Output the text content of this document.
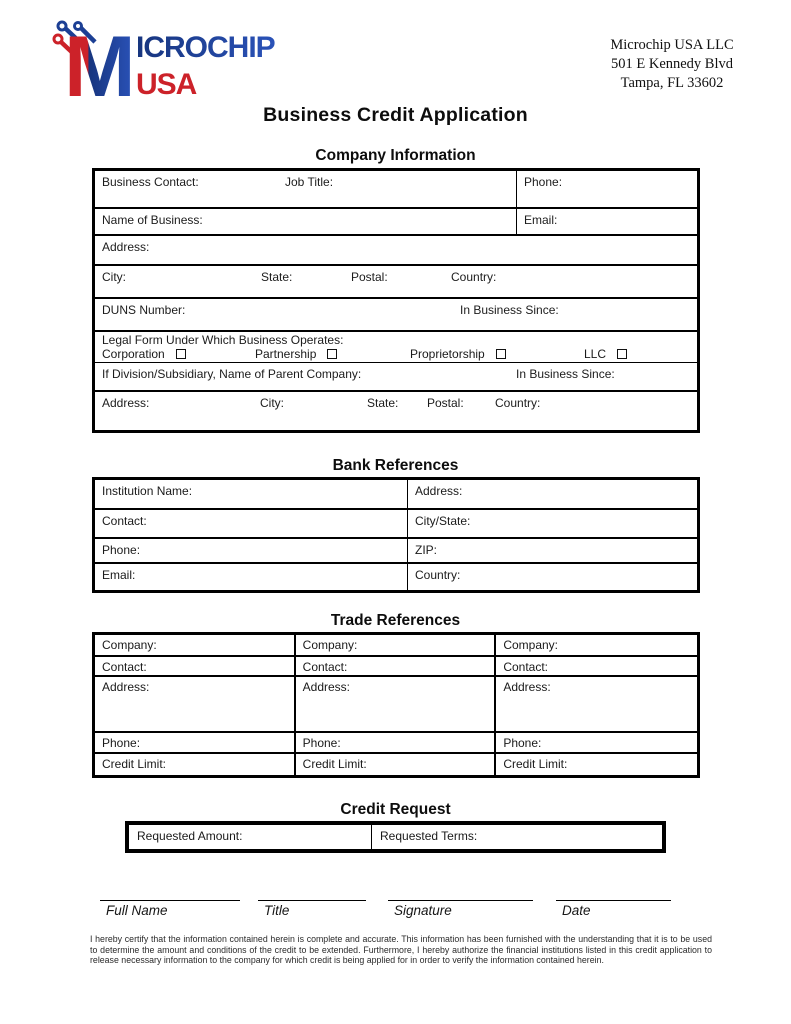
M ICROCHIP
USA
Microchip USA LLC
501 E Kennedy Blvd
Tampa, FL 33602
Business Credit Application
Company Information
Business Contact:	Job Title:	Phone:
Name of Business:	Email:
Address:
City:	State:	Postal:	Country:
DUNS Number:	In Business Since:
Legal Form Under Which Business Operates:
Corporation	Partnership	Proprietorship	LLC
If Division/Subsidiary, Name of Parent Company:	In Business Since:
Address:	City:	State: Postal:	Country:
Bank References
Institution Name:	Address:
Contact:	City/State:
Phone:	ZIP:
Email:	Country:
Trade References
Company:	Company:	Company:
Contact:	Contact:	Contact:
Address:	Address:	Address:
Phone:	Phone:	Phone:
Credit Limit:	Credit Limit:	Credit Limit:
Credit Request
Requested Amount:	Requested Terms:
Full Name	Title	Signature	Date
I hereby certify that the information contained herein is complete and accurate. This information has been furnished with the understanding that it is to be used to determine the amount and conditions of the credit to be extended. Furthermore, I hereby authorize the financial institutions listed in this credit application to release necessary information to the company for which credit is being applied for in order to verify the information contained herein.
